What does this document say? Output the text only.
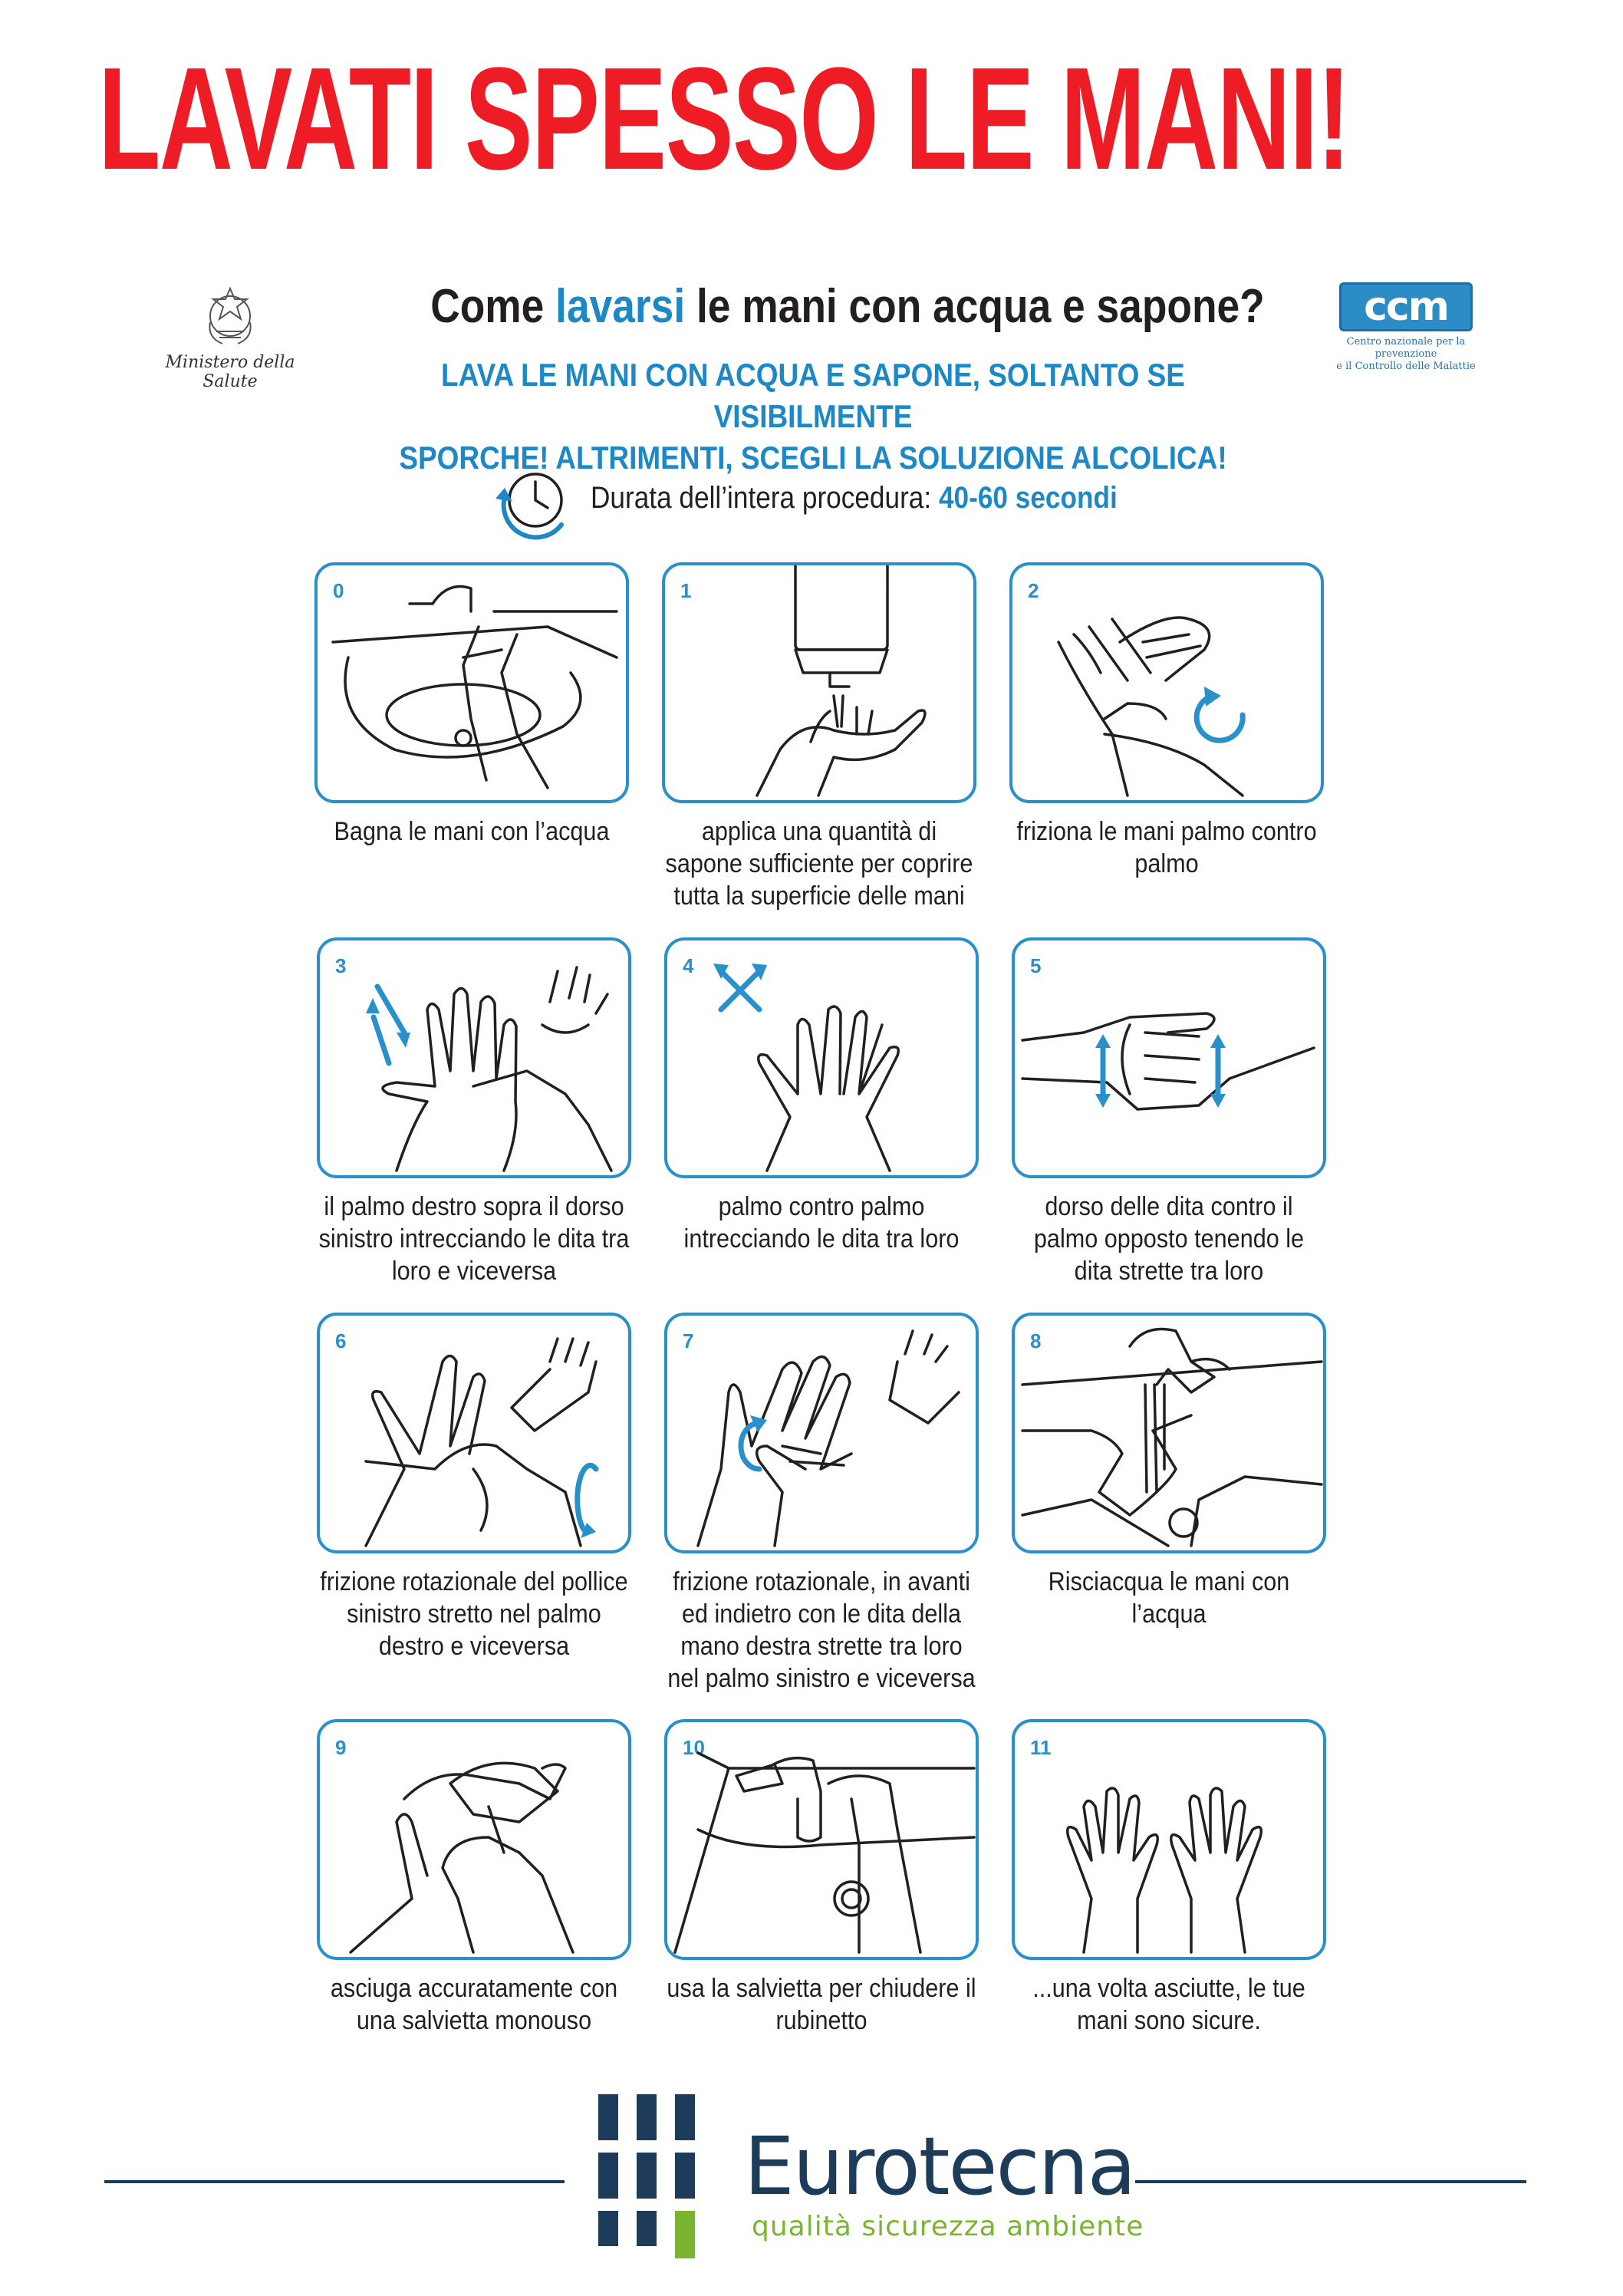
LAVATI SPESSO LE MANI!
Ministero della Salute
ccm
Centro nazionale per la prevenzione
e il Controllo delle Malattie
Come lavarsi le mani con acqua e sapone?
LAVA LE MANI CON ACQUA E SAPONE, SOLTANTO SE VISIBILMENTE
SPORCHE! ALTRIMENTI, SCEGLI LA SOLUZIONE ALCOLICA!
Durata dell’intera procedura: 40-60 secondi
0
Bagna le mani con l’acqua
1
applica una quantità di sapone sufficiente per coprire tutta la superficie delle mani
2
friziona le mani palmo contro palmo
3
il palmo destro sopra il dorso sinistro intrecciando le dita tra loro e viceversa
4
palmo contro palmo intrecciando le dita tra loro
5
dorso delle dita contro il palmo opposto tenendo le dita strette tra loro
6
frizione rotazionale del pollice sinistro stretto nel palmo destro e viceversa
7
frizione rotazionale, in avanti ed indietro con le dita della mano destra strette tra loro nel palmo sinistro e viceversa
8
Risciacqua le mani con l’acqua
9
asciuga accuratamente con una salvietta monouso
10
usa la salvietta per chiudere il rubinetto
11
...una volta asciutte, le tue mani sono sicure.
Eurotecna
qualità sicurezza ambiente
